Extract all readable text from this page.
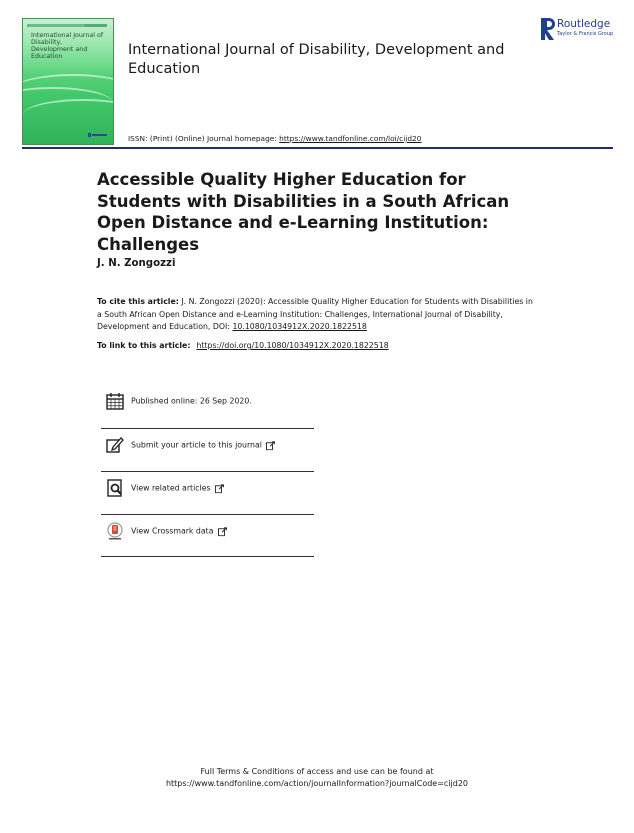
International Journal of Disability, Development and Education	International Journal of Disability, Development and Education
ISSN: (Print) (Online) Journal homepage: https://www.tandfonline.com/loi/cijd20
Routledge
Taylor & Francis Group
Accessible Quality Higher Education for Students with Disabilities in a South African Open Distance and e-Learning Institution: Challenges
J. N. Zongozzi
To cite this article: J. N. Zongozzi (2020): Accessible Quality Higher Education for Students with Disabilities in a South African Open Distance and e-Learning Institution: Challenges, International Journal of Disability, Development and Education, DOI: 10.1080/1034912X.2020.1822518
To link to this article: https://doi.org/10.1080/1034912X.2020.1822518
Published online: 26 Sep 2020.
Submit your article to this journal
View related articles
View Crossmark data
Full Terms & Conditions of access and use can be found at
https://www.tandfonline.com/action/journalInformation?journalCode=cijd20
